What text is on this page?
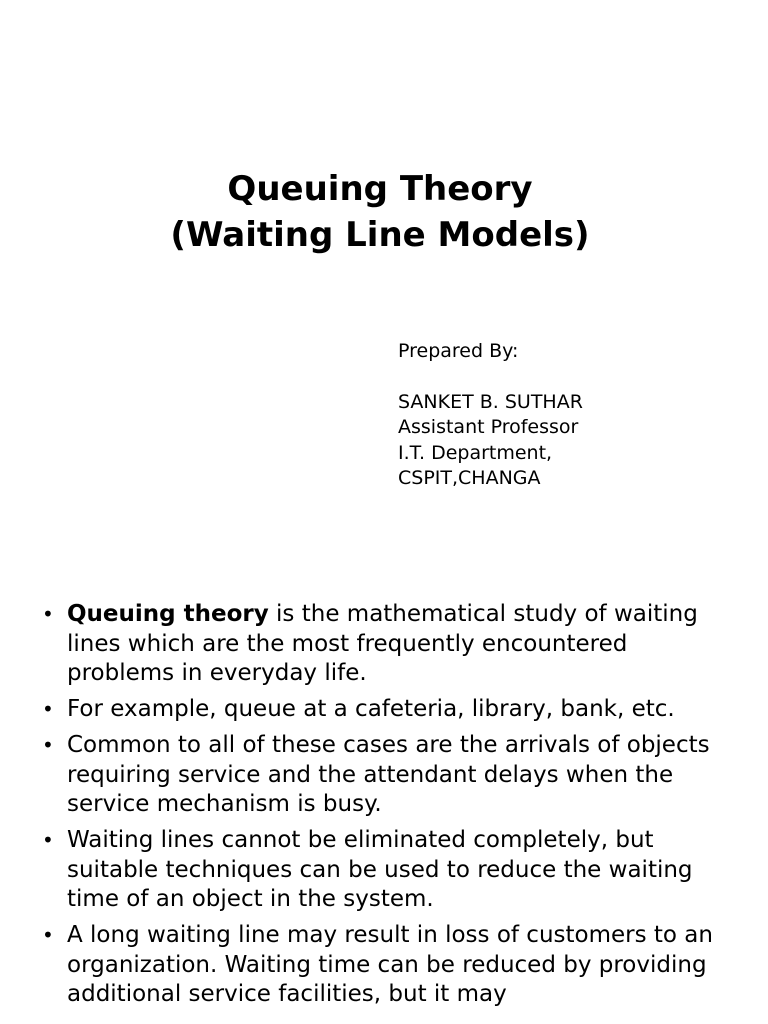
Queuing Theory
(Waiting Line Models)
Prepared By:
SANKET B. SUTHAR
Assistant Professor
I.T. Department,
CSPIT,CHANGA
• Queuing theory is the mathematical study of waiting lines which are the most frequently encountered problems in everyday life.
• For example, queue at a cafeteria, library, bank, etc.
• Common to all of these cases are the arrivals of objects requiring service and the attendant delays when the service mechanism is busy.
• Waiting lines cannot be eliminated completely, but suitable techniques can be used to reduce the waiting time of an object in the system.
• A long waiting line may result in loss of customers to an organization. Waiting time can be reduced by providing additional service facilities, but it may
